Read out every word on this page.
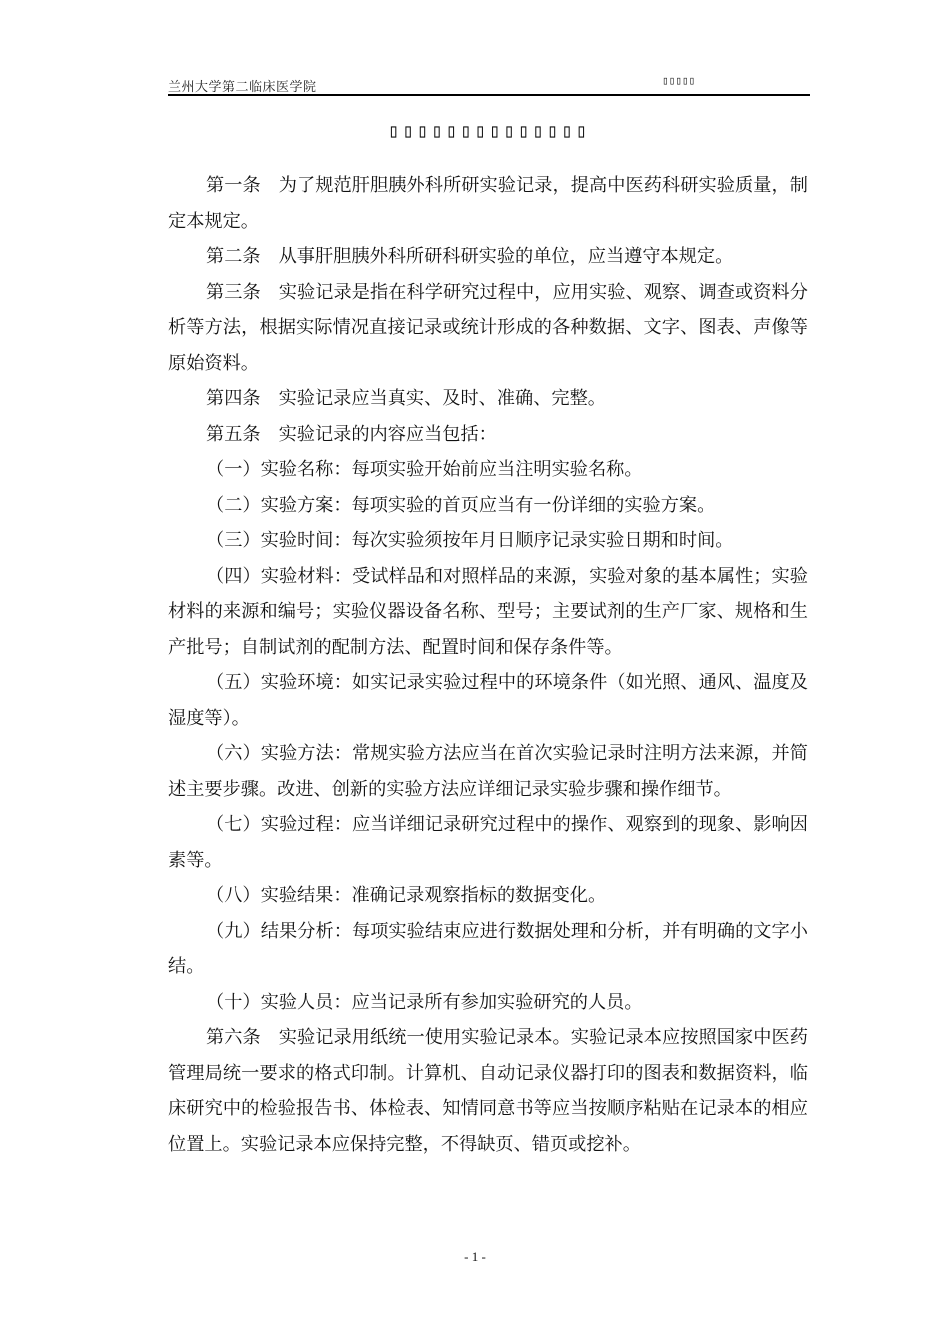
兰州大学第二临床医学院	▯▯▯▯▯
▯▯▯▯▯▯▯▯▯▯▯▯▯▯

第一条 为了规范肝胆胰外科所研实验记录，提高中医药科研实验质量，制定本规定。

第二条 从事肝胆胰外科所研科研实验的单位，应当遵守本规定。

第三条 实验记录是指在科学研究过程中，应用实验、观察、调查或资料分析等方法，根据实际情况直接记录或统计形成的各种数据、文字、图表、声像等原始资料。

第四条 实验记录应当真实、及时、准确、完整。

第五条 实验记录的内容应当包括：

（一）实验名称：每项实验开始前应当注明实验名称。

（二）实验方案：每项实验的首页应当有一份详细的实验方案。

（三）实验时间：每次实验须按年月日顺序记录实验日期和时间。

（四）实验材料：受试样品和对照样品的来源，实验对象的基本属性；实验材料的来源和编号；实验仪器设备名称、型号；主要试剂的生产厂家、规格和生产批号；自制试剂的配制方法、配置时间和保存条件等。

（五）实验环境：如实记录实验过程中的环境条件（如光照、通风、温度及湿度等）。

（六）实验方法：常规实验方法应当在首次实验记录时注明方法来源，并简述主要步骤。改进、创新的实验方法应详细记录实验步骤和操作细节。

（七）实验过程：应当详细记录研究过程中的操作、观察到的现象、影响因素等。

（八）实验结果：准确记录观察指标的数据变化。

（九）结果分析：每项实验结束应进行数据处理和分析，并有明确的文字小结。

（十）实验人员：应当记录所有参加实验研究的人员。

第六条 实验记录用纸统一使用实验记录本。实验记录本应按照国家中医药管理局统一要求的格式印制。计算机、自动记录仪器打印的图表和数据资料，临床研究中的检验报告书、体检表、知情同意书等应当按顺序粘贴在记录本的相应位置上。实验记录本应保持完整，不得缺页、错页或挖补。

- 1 -
